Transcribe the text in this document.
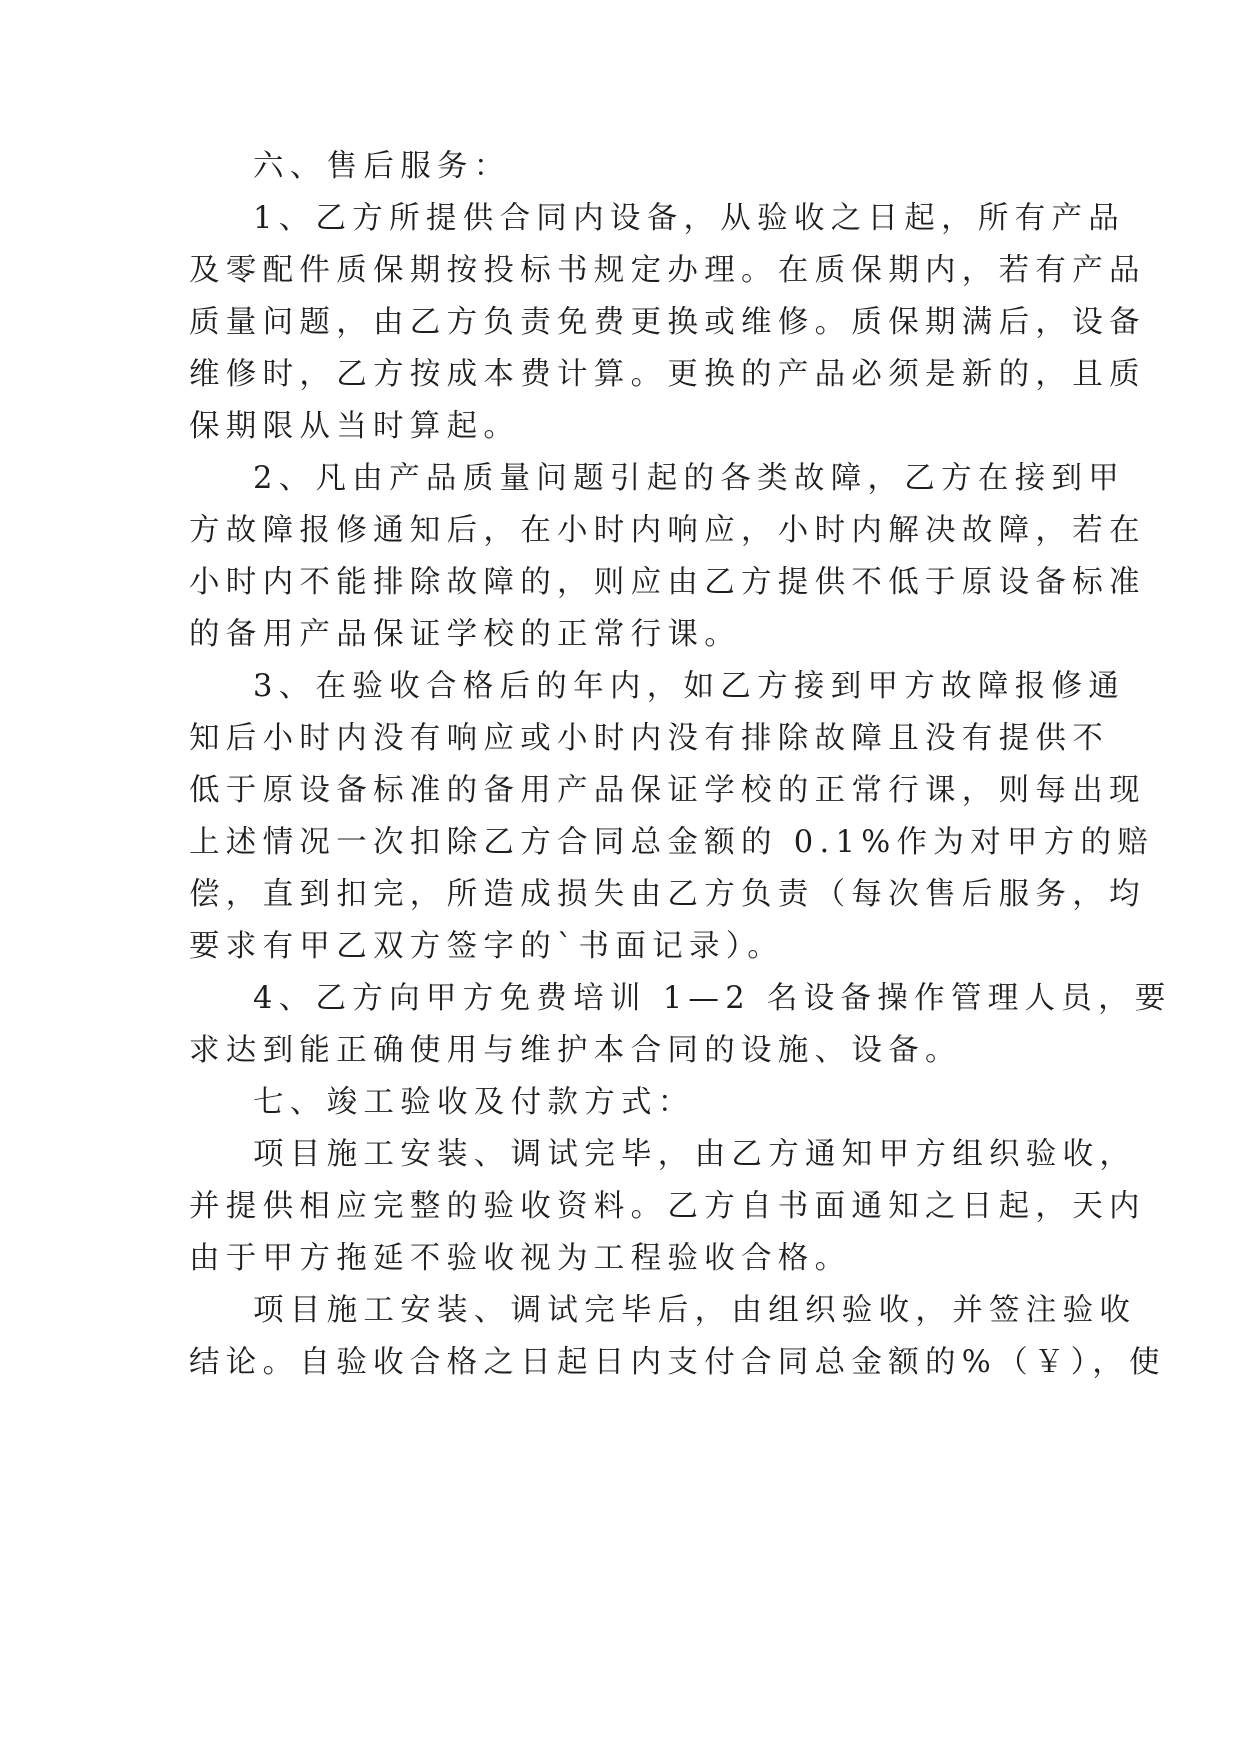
六、售后服务：
1、乙方所提供合同内设备，从验收之日起，所有产品
及零配件质保期按投标书规定办理。在质保期内，若有产品
质量问题，由乙方负责免费更换或维修。质保期满后，设备
维修时，乙方按成本费计算。更换的产品必须是新的，且质
保期限从当时算起。
2、凡由产品质量问题引起的各类故障，乙方在接到甲
方故障报修通知后，在小时内响应，小时内解决故障，若在
小时内不能排除故障的，则应由乙方提供不低于原设备标准
的备用产品保证学校的正常行课。
3、在验收合格后的年内，如乙方接到甲方故障报修通
知后小时内没有响应或小时内没有排除故障且没有提供不
低于原设备标准的备用产品保证学校的正常行课，则每出现
上述情况一次扣除乙方合同总金额的 0.1%作为对甲方的赔
偿，直到扣完，所造成损失由乙方负责（每次售后服务，均
要求有甲乙双方签字的`书面记录）。
4、乙方向甲方免费培训 1—2 名设备操作管理人员，要
求达到能正确使用与维护本合同的设施、设备。
七、竣工验收及付款方式：
项目施工安装、调试完毕，由乙方通知甲方组织验收，
并提供相应完整的验收资料。乙方自书面通知之日起，天内
由于甲方拖延不验收视为工程验收合格。
项目施工安装、调试完毕后，由组织验收，并签注验收
结论。自验收合格之日起日内支付合同总金额的%（￥），使
